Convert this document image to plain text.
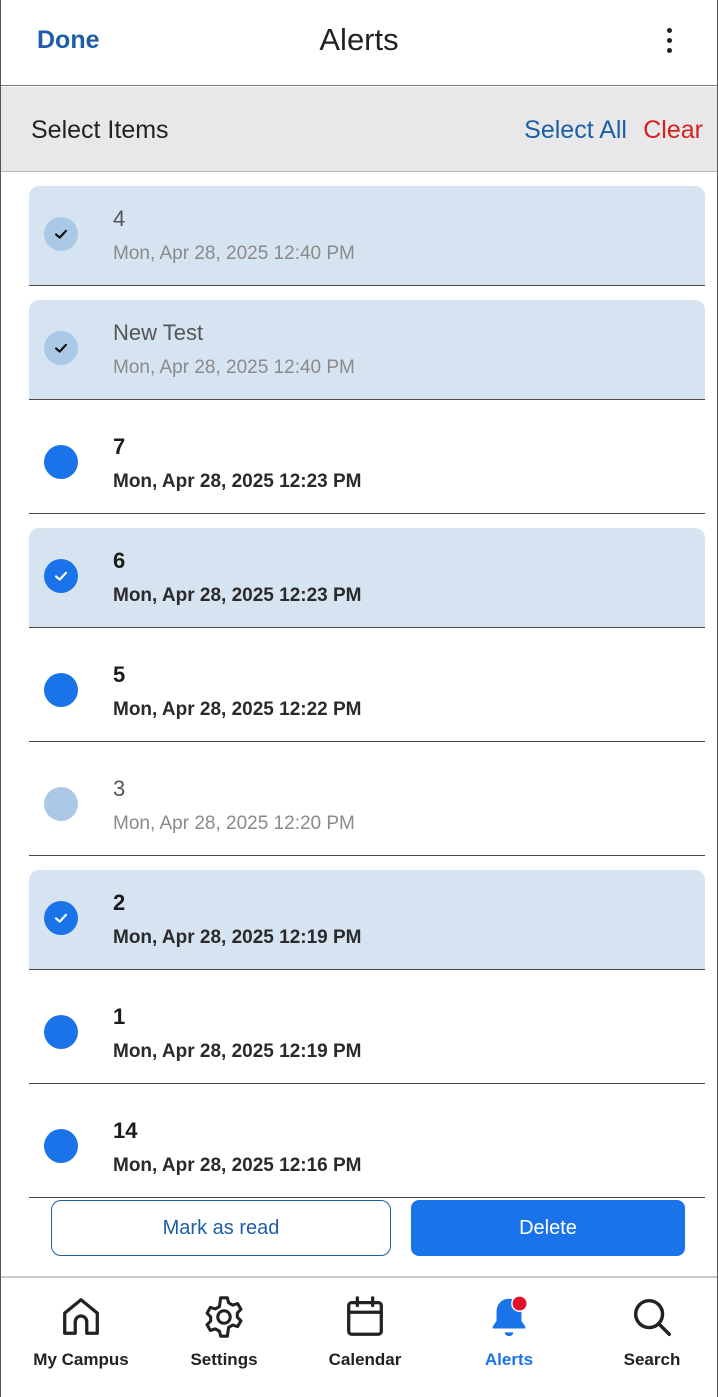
Done	Alerts
Select Items	Select All Clear
4
Mon, Apr 28, 2025 12:40 PM
New Test
Mon, Apr 28, 2025 12:40 PM
7
Mon, Apr 28, 2025 12:23 PM
6
Mon, Apr 28, 2025 12:23 PM
5
Mon, Apr 28, 2025 12:22 PM
3
Mon, Apr 28, 2025 12:20 PM
2
Mon, Apr 28, 2025 12:19 PM
1
Mon, Apr 28, 2025 12:19 PM
14
Mon, Apr 28, 2025 12:16 PM
Mark as read	Delete
My Campus	Settings	Calendar	Alerts	Search
